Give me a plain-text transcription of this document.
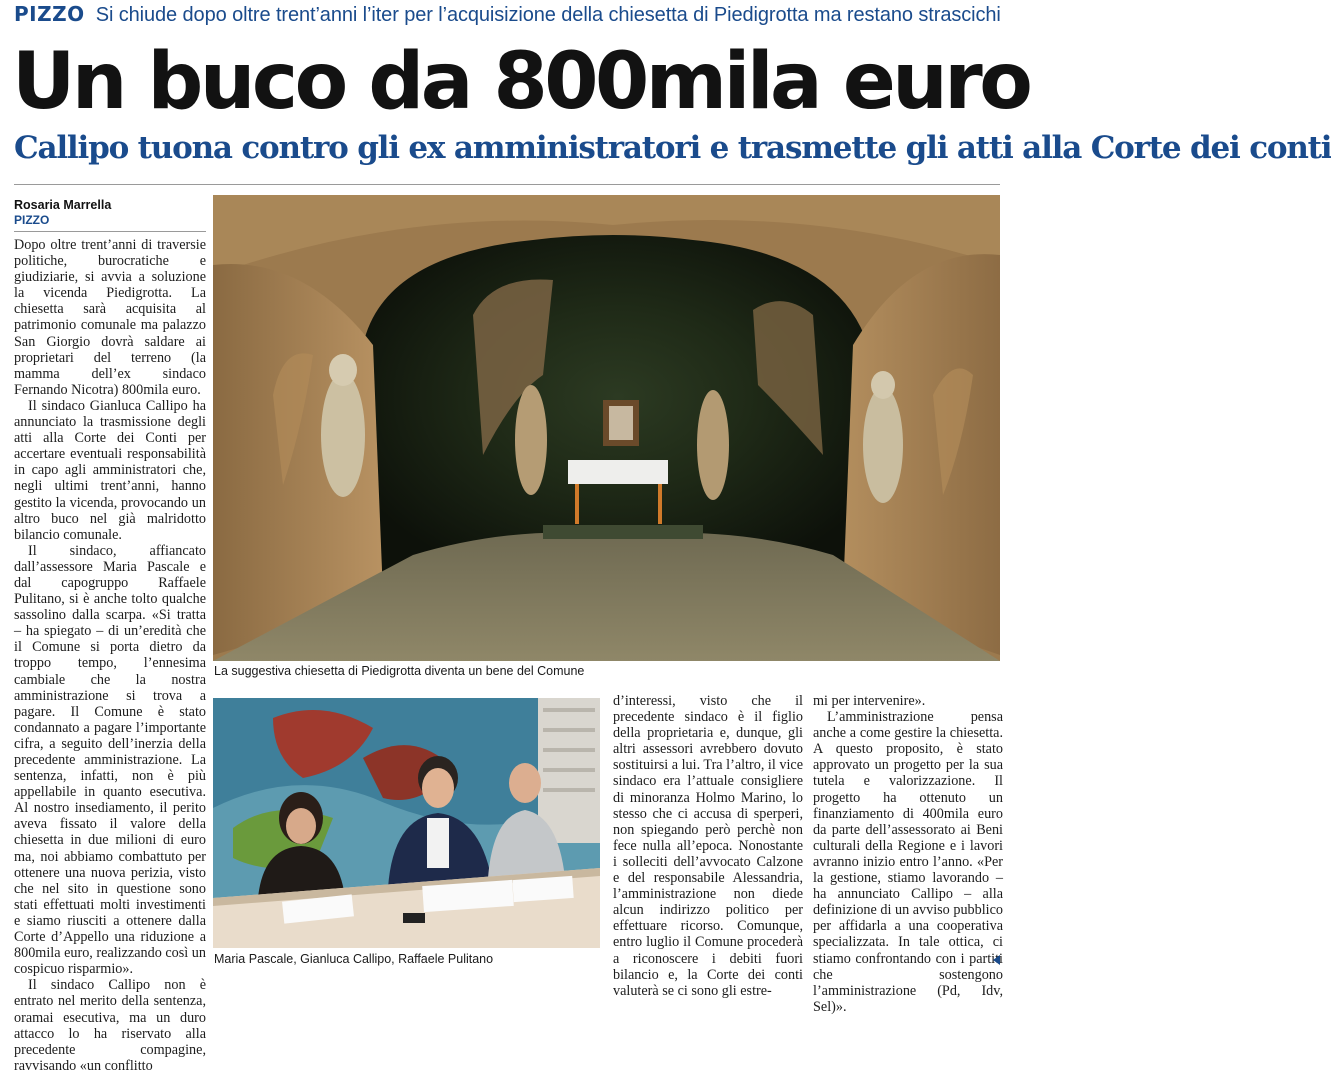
PIZZO Si chiude dopo oltre trent’anni l’iter per l’acquisizione della chiesetta di Piedigrotta ma restano strascichi
Un buco da 800mila euro
Callipo tuona contro gli ex amministratori e trasmette gli atti alla Corte dei conti
Rosaria Marrella
PIZZO

Dopo oltre trent’anni di traversie politiche, burocratiche e giudiziarie, si avvia a soluzione la vicenda Piedigrotta. La chiesetta sarà acquisita al patrimonio comunale ma palazzo San Giorgio dovrà saldare ai proprietari del terreno (la mamma dell’ex sindaco Fernando Nicotra) 800mila euro.

Il sindaco Gianluca Callipo ha annunciato la trasmissione degli atti alla Corte dei Conti per accertare eventuali responsabilità in capo agli amministratori che, negli ultimi trent’anni, hanno gestito la vicenda, provocando un altro buco nel già malridotto bilancio comunale.

Il sindaco, affiancato dall’assessore Maria Pascale e dal capogruppo Raffaele Pulitano, si è anche tolto qualche sassolino dalla scarpa. «Si tratta – ha spiegato – di un’eredità che il Comune si porta dietro da troppo tempo, l’ennesima cambiale che la nostra amministrazione si trova a pagare. Il Comune è stato condannato a pagare l’importante cifra, a seguito dell’inerzia della precedente amministrazione. La sentenza, infatti, non è più appellabile in quanto esecutiva. Al nostro insediamento, il perito aveva fissato il valore della chiesetta in due milioni di euro ma, noi abbiamo combattuto per ottenere una nuova perizia, visto che nel sito in questione sono stati effettuati molti investimenti e siamo riusciti a ottenere dalla Corte d’Appello una riduzione a 800mila euro, realizzando così un cospicuo risparmio».

Il sindaco Callipo non è entrato nel merito della sentenza, oramai esecutiva, ma un duro attacco lo ha riservato alla precedente compagine, ravvisando «un conflitto

La suggestiva chiesetta di Piedigrotta diventa un bene del Comune
Maria Pascale, Gianluca Callipo, Raffaele Pulitano

d’interessi, visto che il precedente sindaco è il figlio della proprietaria e, dunque, gli altri assessori avrebbero dovuto sostituirsi a lui. Tra l’altro, il vice sindaco era l’attuale consigliere di minoranza Holmo Marino, lo stesso che ci accusa di sperperi, non spiegando però perchè non fece nulla all’epoca. Nonostante i solleciti dell’avvocato Calzone e del responsabile Alessandria, l’amministrazione non diede alcun indirizzo politico per effettuare ricorso. Comunque, entro luglio il Comune procederà a riconoscere i debiti fuori bilancio e, la Corte dei conti valuterà se ci sono gli estre-

mi per intervenire».

L’amministrazione pensa anche a come gestire la chiesetta. A questo proposito, è stato approvato un progetto per la sua tutela e valorizzazione. Il progetto ha ottenuto un finanziamento di 400mila euro da parte dell’assessorato ai Beni culturali della Regione e i lavori avranno inizio entro l’anno. «Per la gestione, stiamo lavorando – ha annunciato Callipo – alla definizione di un avviso pubblico per affidarla a una cooperativa specializzata. In tale ottica, ci stiamo confrontando con i partiti che sostengono l’amministrazione (Pd, Idv, Sel)».
